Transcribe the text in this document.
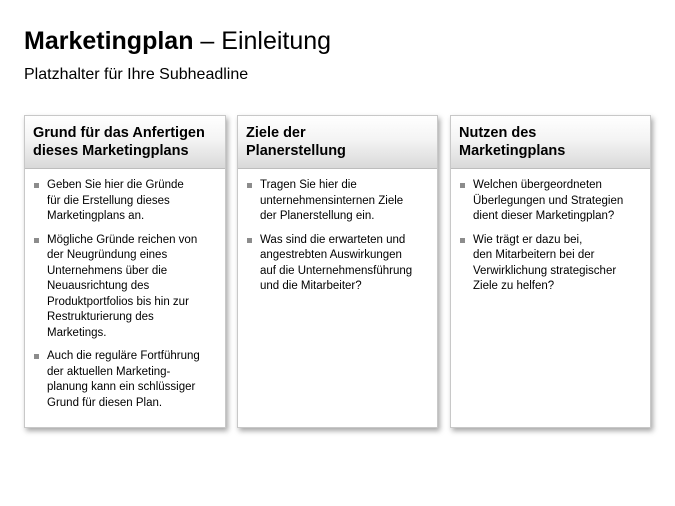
Marketingplan – Einleitung
Platzhalter für Ihre Subheadline
Grund für das Anfertigen
dieses Marketingplans
Geben Sie hier die Gründe
für die Erstellung dieses
Marketingplans an.
Mögliche Gründe reichen von
der Neugründung eines
Unternehmens über die
Neuausrichtung des
Produktportfolios bis hin zur
Restrukturierung des
Marketings.
Auch die reguläre Fortführung
der aktuellen Marketing-
planung kann ein schlüssiger
Grund für diesen Plan.
Ziele der
Planerstellung
Tragen Sie hier die
unternehmensinternen Ziele
der Planerstellung ein.
Was sind die erwarteten und
angestrebten Auswirkungen
auf die Unternehmensführung
und die Mitarbeiter?
Nutzen des
Marketingplans
Welchen übergeordneten
Überlegungen und Strategien
dient dieser Marketingplan?
Wie trägt er dazu bei,
den Mitarbeitern bei der
Verwirklichung strategischer
Ziele zu helfen?
